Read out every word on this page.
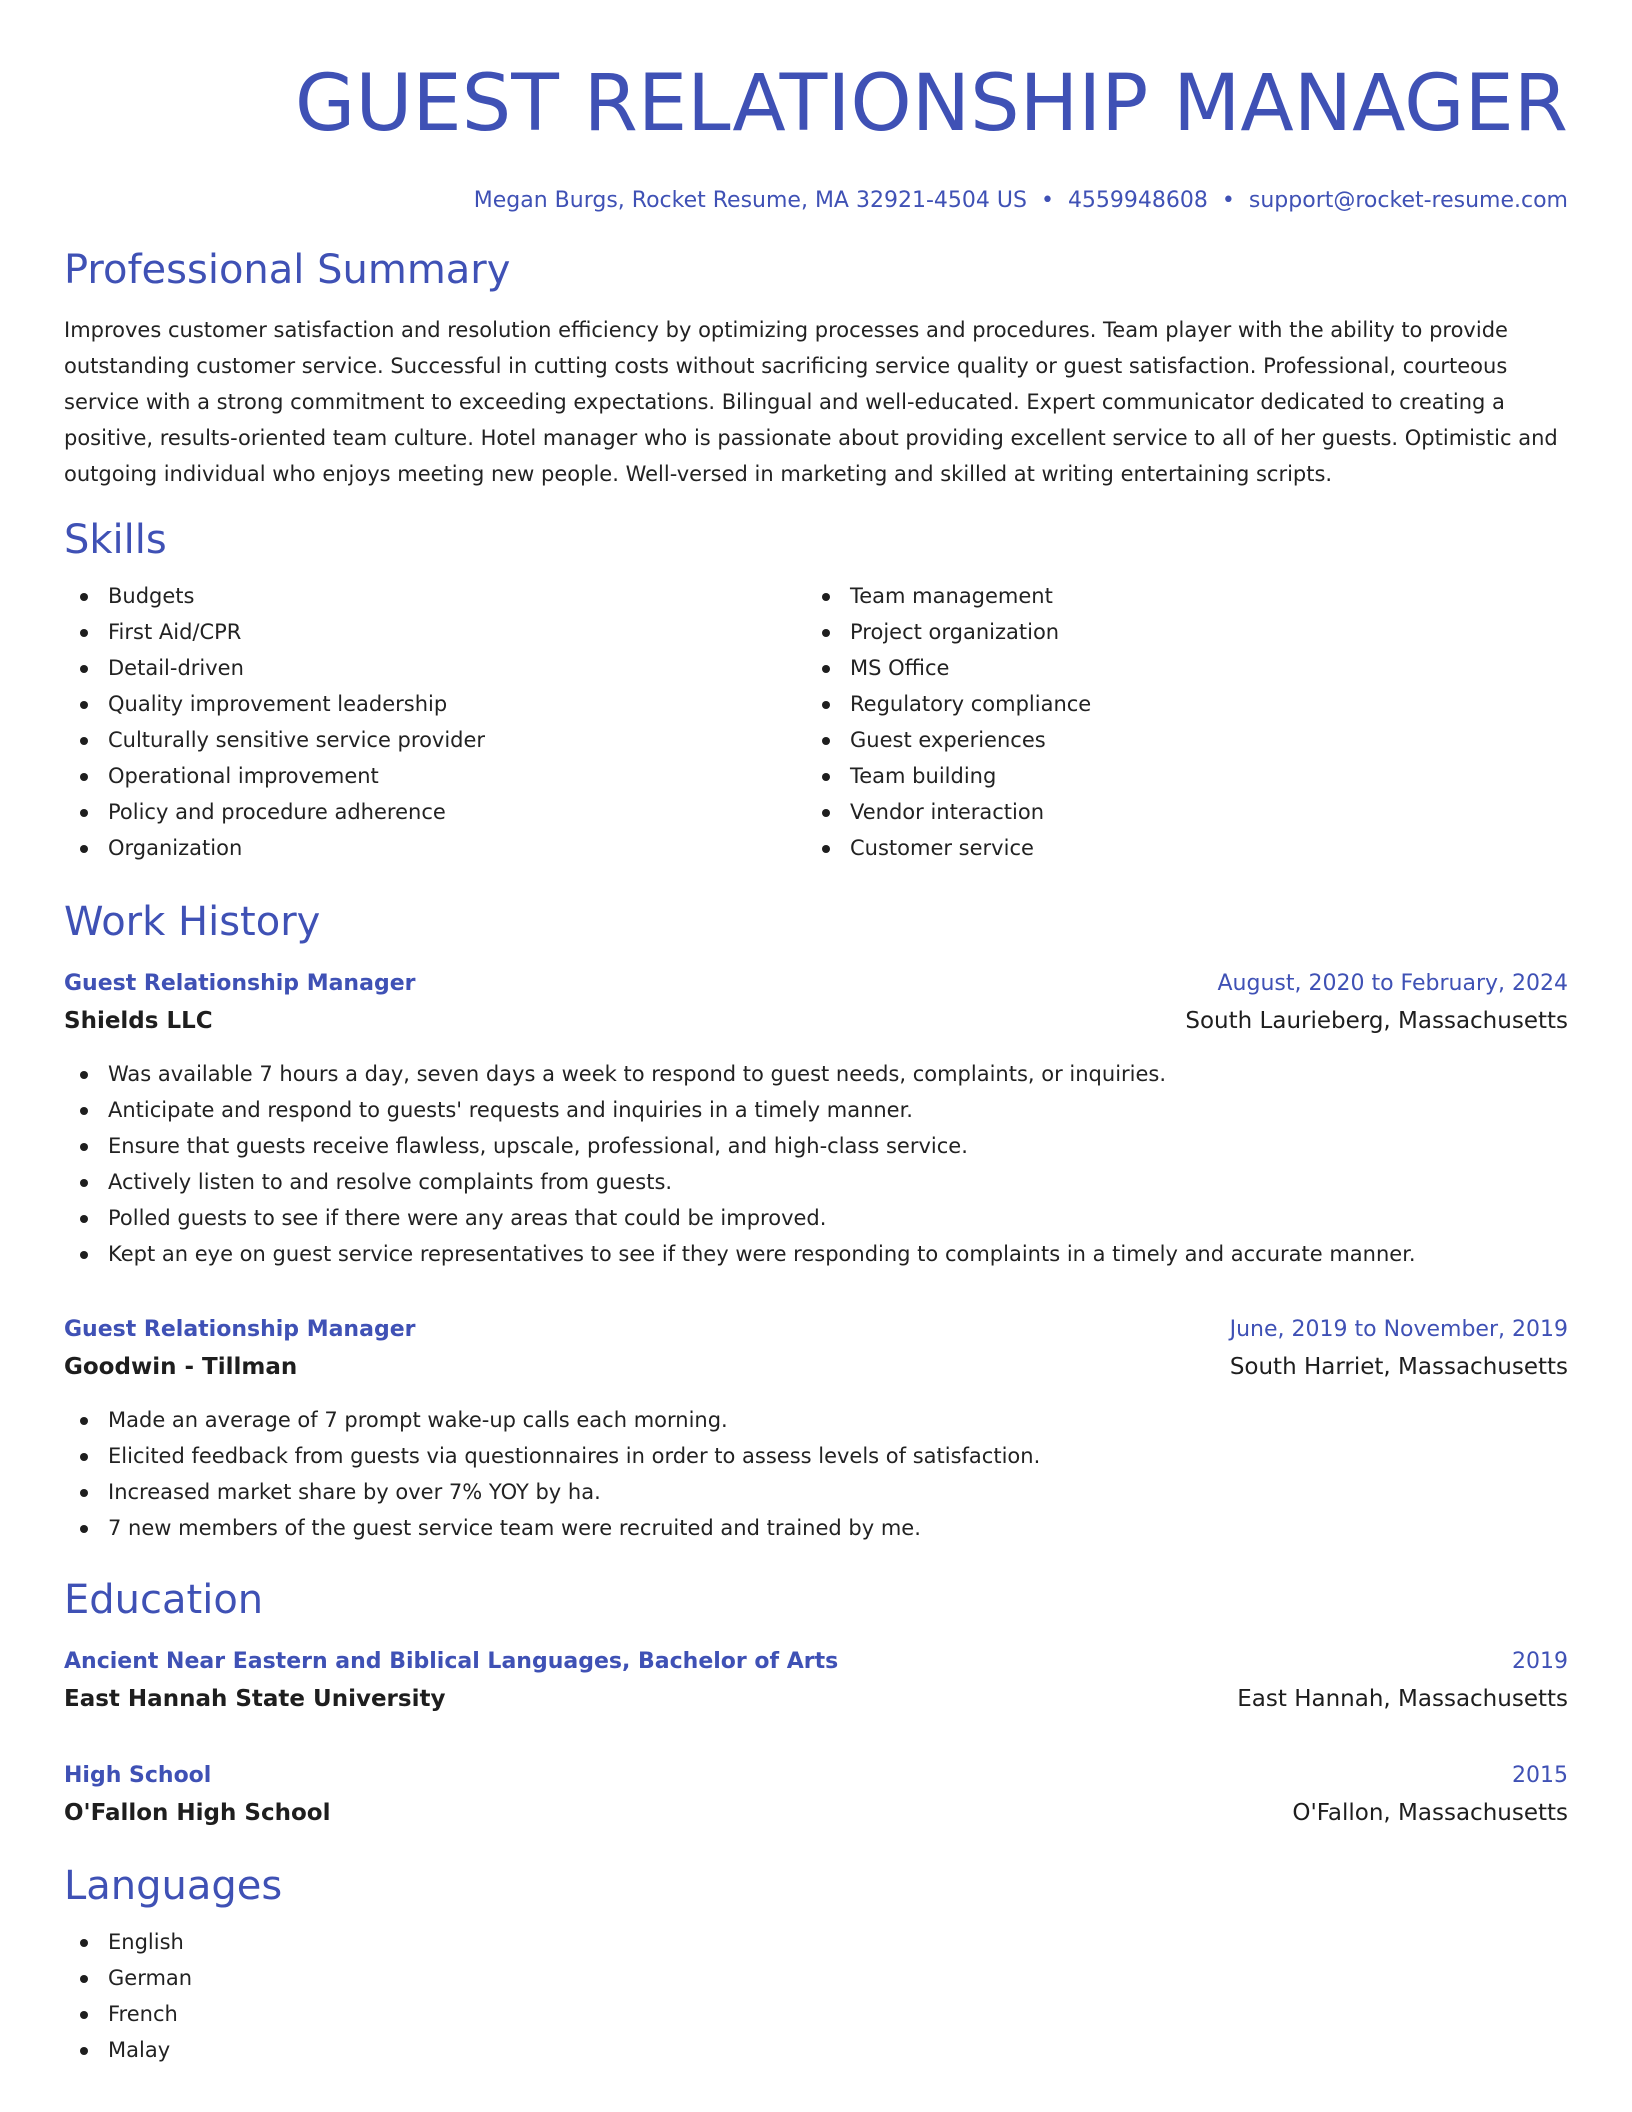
GUEST RELATIONSHIP MANAGER
Megan Burgs, Rocket Resume, MA 32921-4504 US • 4559948608 • support@rocket-resume.com
Professional Summary

Improves customer satisfaction and resolution efficiency by optimizing processes and procedures. Team player with the ability to provide outstanding customer service. Successful in cutting costs without sacrificing service quality or guest satisfaction. Professional, courteous service with a strong commitment to exceeding expectations. Bilingual and well-educated. Expert communicator dedicated to creating a positive, results-oriented team culture. Hotel manager who is passionate about providing excellent service to all of her guests. Optimistic and outgoing individual who enjoys meeting new people. Well-versed in marketing and skilled at writing entertaining scripts.

Skills
Budgets
First Aid/CPR
Detail-driven
Quality improvement leadership
Culturally sensitive service provider
Operational improvement
Policy and procedure adherence
Organization
Team management
Project organization
MS Office
Regulatory compliance
Guest experiences
Team building
Vendor interaction
Customer service
Work History
Guest Relationship Manager	August, 2020 to February, 2024
Shields LLC	South Laurieberg, Massachusetts
Was available 7 hours a day, seven days a week to respond to guest needs, complaints, or inquiries.
Anticipate and respond to guests' requests and inquiries in a timely manner.
Ensure that guests receive flawless, upscale, professional, and high-class service.
Actively listen to and resolve complaints from guests.
Polled guests to see if there were any areas that could be improved.
Kept an eye on guest service representatives to see if they were responding to complaints in a timely and accurate manner.
Guest Relationship Manager	June, 2019 to November, 2019
Goodwin - Tillman	South Harriet, Massachusetts
Made an average of 7 prompt wake-up calls each morning.
Elicited feedback from guests via questionnaires in order to assess levels of satisfaction.
Increased market share by over 7% YOY by ha.
7 new members of the guest service team were recruited and trained by me.
Education
Ancient Near Eastern and Biblical Languages, Bachelor of Arts	2019
East Hannah State University	East Hannah, Massachusetts
High School	2015
O'Fallon High School	O'Fallon, Massachusetts
Languages
English
German
French
Malay
